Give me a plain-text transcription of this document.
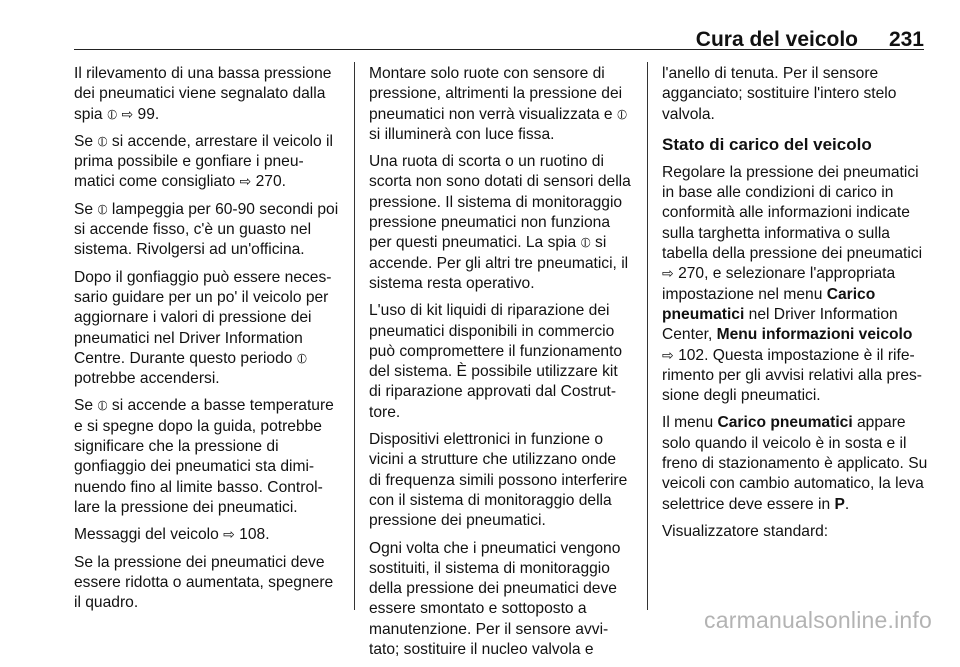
Cura del veicolo 231

Il rilevamento di una bassa pressione dei pneumatici viene segnalato dalla spia ⦶ ⇨ 99.

Se ⦶ si accende, arrestare il veicolo il prima possibile e gonfiare i pneu-matici come consigliato ⇨ 270.

Se ⦶ lampeggia per 60-90 secondi poi si accende fisso, c'è un guasto nel sistema. Rivolgersi ad un'officina.

Dopo il gonfiaggio può essere neces-sario guidare per un po' il veicolo per aggiornare i valori di pressione dei pneumatici nel Driver Information Centre. Durante questo periodo ⦶ potrebbe accendersi.

Se ⦶ si accende a basse temperature e si spegne dopo la guida, potrebbe significare che la pressione di gonfiaggio dei pneumatici sta dimi-nuendo fino al limite basso. Control-lare la pressione dei pneumatici.

Messaggi del veicolo ⇨ 108.

Se la pressione dei pneumatici deve essere ridotta o aumentata, spegnere il quadro.

Montare solo ruote con sensore di pressione, altrimenti la pressione dei pneumatici non verrà visualizzata e ⦶ si illuminerà con luce fissa.

Una ruota di scorta o un ruotino di scorta non sono dotati di sensori della pressione. Il sistema di monitoraggio pressione pneumatici non funziona per questi pneumatici. La spia ⦶ si accende. Per gli altri tre pneumatici, il sistema resta operativo.

L'uso di kit liquidi di riparazione dei pneumatici disponibili in commercio può compromettere il funzionamento del sistema. È possibile utilizzare kit di riparazione approvati dal Costrut-tore.

Dispositivi elettronici in funzione o vicini a strutture che utilizzano onde di frequenza simili possono interferire con il sistema di monitoraggio della pressione dei pneumatici.

Ogni volta che i pneumatici vengono sostituiti, il sistema di monitoraggio della pressione dei pneumatici deve essere smontato e sottoposto a manutenzione. Per il sensore avvi-tato; sostituire il nucleo valvola e

l'anello di tenuta. Per il sensore agganciato; sostituire l'intero stelo valvola.

Stato di carico del veicolo

Regolare la pressione dei pneumatici in base alle condizioni di carico in conformità alle informazioni indicate sulla targhetta informativa o sulla tabella della pressione dei pneumatici ⇨ 270, e selezionare l'appropriata impostazione nel menu Carico pneumatici nel Driver Information Center, Menu informazioni veicolo ⇨ 102. Questa impostazione è il rife-rimento per gli avvisi relativi alla pres-sione degli pneumatici.

Il menu Carico pneumatici appare solo quando il veicolo è in sosta e il freno di stazionamento è applicato. Su veicoli con cambio automatico, la leva selettrice deve essere in P.

Visualizzatore standard:

carmanualsonline.info
